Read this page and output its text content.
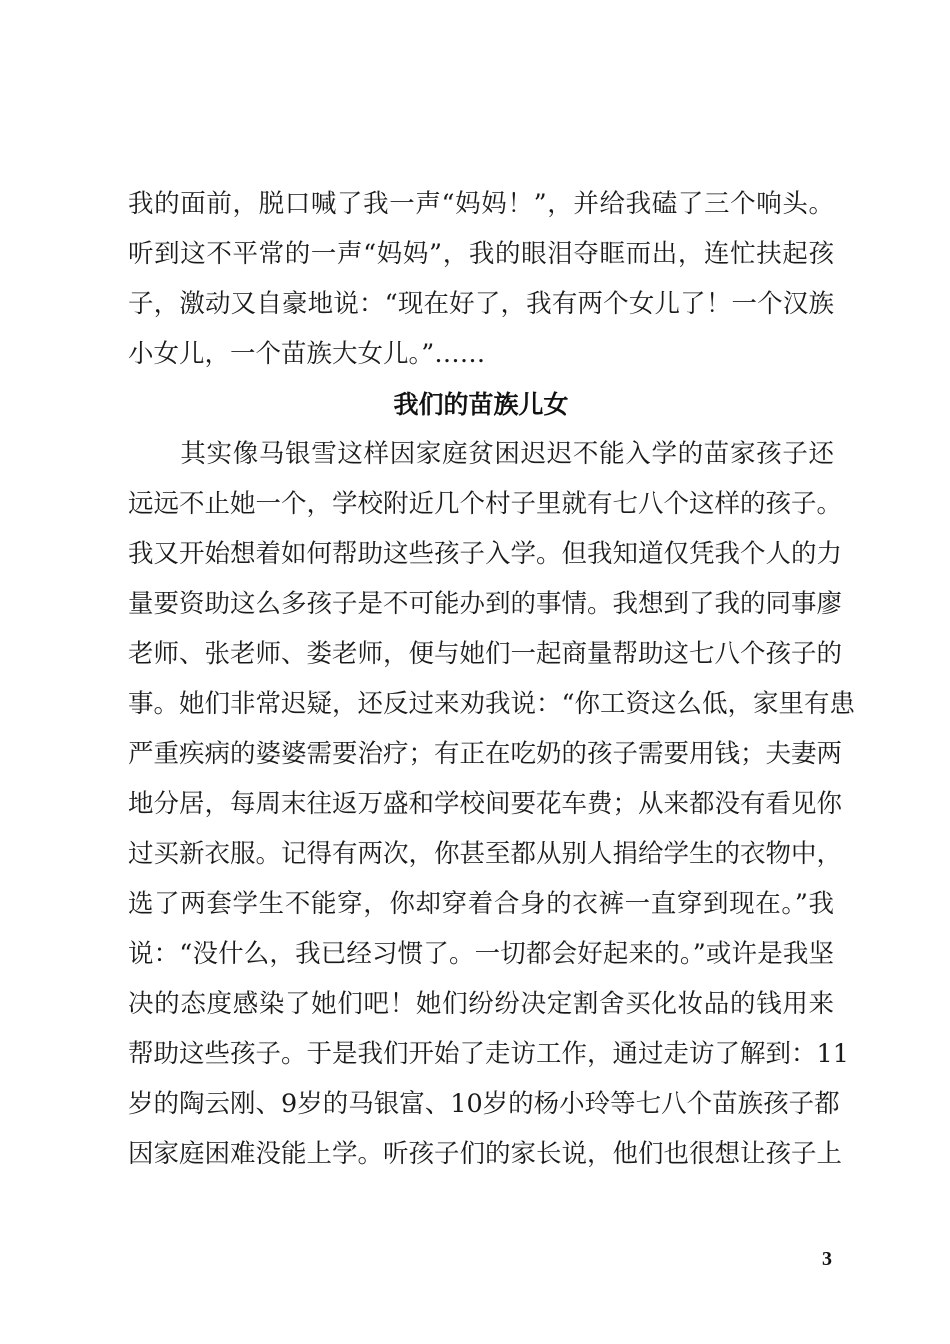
我的面前，脱口喊了我一声“妈妈！”，并给我磕了三个响头。
听到这不平常的一声“妈妈”，我的眼泪夺眶而出，连忙扶起孩
子，激动又自豪地说：“现在好了，我有两个女儿了！一个汉族
小女儿，一个苗族大女儿。”……
我们的苗族儿女
　　其实像马银雪这样因家庭贫困迟迟不能入学的苗家孩子还
远远不止她一个，学校附近几个村子里就有七八个这样的孩子。
我又开始想着如何帮助这些孩子入学。但我知道仅凭我个人的力
量要资助这么多孩子是不可能办到的事情。我想到了我的同事廖
老师、张老师、娄老师，便与她们一起商量帮助这七八个孩子的
事。她们非常迟疑，还反过来劝我说：“你工资这么低，家里有患
严重疾病的婆婆需要治疗；有正在吃奶的孩子需要用钱；夫妻两
地分居，每周末往返万盛和学校间要花车费；从来都没有看见你
过买新衣服。记得有两次，你甚至都从别人捐给学生的衣物中，
选了两套学生不能穿，你却穿着合身的衣裤一直穿到现在。”我
说：“没什么，我已经习惯了。一切都会好起来的。”或许是我坚
决的态度感染了她们吧！她们纷纷决定割舍买化妆品的钱用来
帮助这些孩子。于是我们开始了走访工作，通过走访了解到：11
岁的陶云刚、9岁的马银富、10岁的杨小玲等七八个苗族孩子都
因家庭困难没能上学。听孩子们的家长说，他们也很想让孩子上
3
